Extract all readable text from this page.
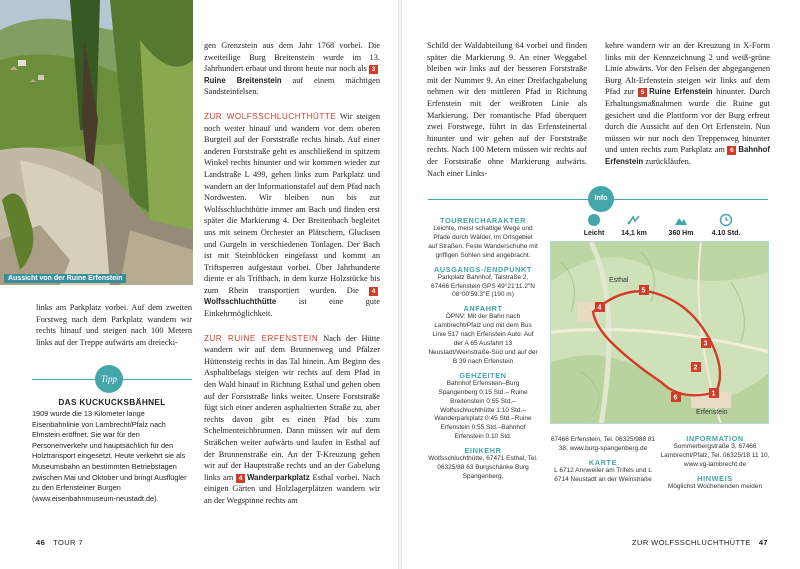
Aussicht von der Ruine Erfenstein

links am Parkplatz vorbei. Auf dem zweiten Forstweg nach dem Parkplatz wandern wir rechts hinauf und steigen nach 100 Metern links auf der Treppe aufwärts am dreiecki-

Tipp
DAS KUCKUCKSBÄHNEL
1909 wurde die 13 Kilometer lange Eisenbahnlinie von Lambrecht/Pfalz nach Elmstein eröffnet. Sie war für den Personenverkehr und hauptsächlich für den Holztransport eingesetzt. Heute verkehrt sie als Museumsbahn an bestimmten Betriebstagen zwischen Mai und Oktober und bringt Ausflügler zu den Erfensteiner Burgen (www.eisenbahnmuseum-neustadt.de).

gen Grenzstein aus dem Jahr 1768 vorbei. Die zweiteilige Burg Breitenstein wurde im 13. Jahrhundert erbaut und thront heute nur noch als 3Ruine Breitenstein auf einem mächtigen Sandsteinfelsen.

ZUR WOLFSSCHLUCHTHÜTTE Wir steigen noch weiter hinauf und wandern vor dem oberen Burgteil auf der Forststraße rechts hinab. Auf einer anderen Forststraße geht es anschließend in spitzem Winkel rechts hinunter und wir kommen wieder zur Landstraße L 499, gehen links zum Parkplatz und wandern an der Informationstafel auf dem Pfad nach Nordwesten. Wir bleiben nun bis zur Wolfsschluchthütte immer am Bach und finden erst später die Markierung 4. Der Breitenbach begleitet uns mit seinem Orchester an Plätschern, Glucksen und Gurgeln in verschiedenen Tonlagen. Der Bach ist mit Steinblöcken eingefasst und kommt an Triftsperren aufgestaut vorbei. Über Jahrhunderte diente er als Triftbach, in dem kurze Holzstücke bis zum Rhein transportiert wurden. Die 4Wolfsschluchthütte	ist eine gute Einkehrmöglichkeit.

ZUR RUINE ERFENSTEIN Nach der Hütte wandern wir auf dem Brunnenweg und Pfälzer Hüttensteig rechts in das Tal hinein. Am Beginn des Asphaltbelags steigen wir rechts auf dem Pfad in den Wald hinauf in Richtung Esthal und gehen oben auf der Forststraße links weiter. Unsere Forststraße fügt sich einer anderen asphaltierten Straße zu, aber rechts davon gibt es einen Pfad bis zum Schelmenteichbrunnen. Dann müssen wir auf dem Sträßchen weiter aufwärts und laufen in Esthal auf der Brunnenstraße ein. An der T-Kreuzung gehen wir auf der Hauptstraße rechts und an der Gabelung links am 4 Wanderparkplatz Esthal vorbei. Nach einigen Gärten und Holzlagerplätzen wandern wir an der Wegspinne rechts am

46 TOUR 7

Schild der Waldabteilung 64 vorbei und finden später die Markierung 9. An einer Weggabel bleiben wir links auf der besseren Forststraße mit der Nummer 9. An einer Dreifachgabelung nehmen wir den mittleren Pfad in Richtung Erfenstein mit der weißroten Linie als Markierung. Der romantische Pfad überquert zwei Forstwege, führt in das Erfensteinertal hinunter und wir gehen auf der Forststraße rechts. Nach 100 Metern müssen wir rechts auf der Forststraße ohne Markierung aufwärts. Nach einer Links-

kehre wandern wir an der Kreuzung in X-Form links mit der Kennzeichnung 2 und weiß-grüne Linie abwärts. Vor den Felsen der abgegangenen Burg Alt-Erfenstein steigen wir links auf dem Pfad zur 5 Ruine Erfenstein hinunter. Durch Erhaltungsmaßnahmen wurde die Ruine gut gesichert und die Plattform vor der Burg erfreut durch die Aussicht auf den Ort Erfenstein. Nun müssen wir nur noch den Treppenweg hinunter und unten rechts zum Parkplatz am 6 Bahnhof Erfenstein zurückläufen.

Info
TOURENCHARAKTER
Leichte, meist schattige Wege und Pfade durch Wälder, im Ortsgebiet auf Straßen. Feste Wanderschuhe mit griffigen Sohlen sind angebracht.
AUSGANGS-/ENDPUNKT
Parkplatz Bahnhof, Talstraße 2, 67466 Erfenstein GPS 49°21'11.2"N 08°00'59.3"E (190 m)
ANFAHRT
ÖPNV: Mit der Bahn nach Lambrecht/Pfalz und mit dem Bus Linie 517 nach Erfenstein Auto: Auf der A 65 Ausfahrt 13 Neustadt/Weinstraße-Süd und auf der B 39 nach Erfenstein
GEHZEITEN
Bahnhof Erfenstein–Burg Spangenberg 0:15 Std.– Ruine Breitenstein 0:55 Std.– Wolfsschluchthütte 1:10 Std.– Wanderparkplatz 0:45 Std.–Ruine Erfenstein 0:55 Std.–Bahnhof Erfenstein 0:10 Std.
EINKEHR
Wolfsschluchthütte, 67471 Esthal, Tel. 06325/88 63 Burgschänke Burg Spangenberg,
Leicht	14,1 km	360 Hm	4.10 Std.
1
2
3
4
5
6
Esthal
Erfenstein
67466 Erfenstein, Tel. 06325/988 81 38, www.burg-spangenberg.de
KARTE
L 6712 Annweiler am Trifels und L 6714 Neustadt an der Weinstraße
INFORMATION
Sommerbergstraße 3, 67466 Lambrecht/Pfalz, Tel. 06325/18 11 10, www.vg-lambrecht.de
HINWEIS
Möglichst Wochenenden meiden
ZUR WOLFSSCHLUCHTHÜTTE 47
